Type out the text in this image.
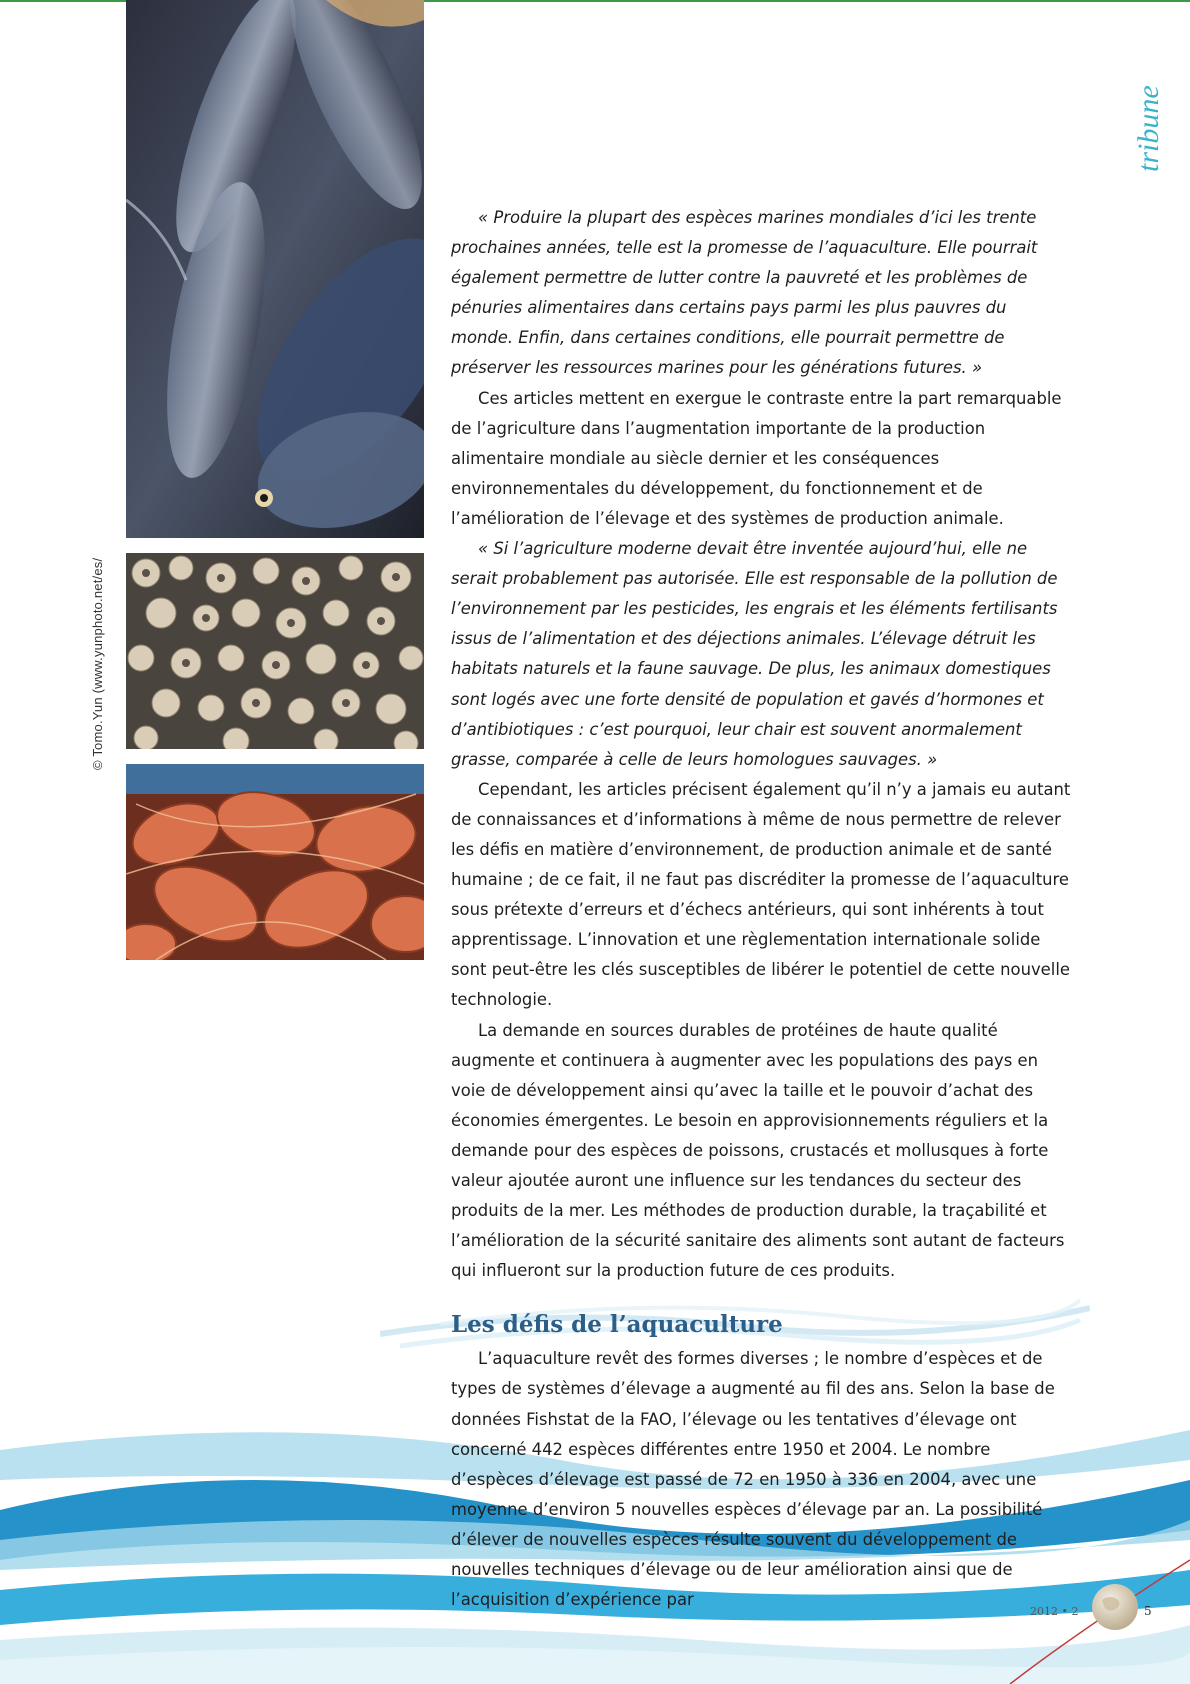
© Tomo.Yun (www.yunphoto.net/es/
tribune

« Produire la plupart des espèces marines mondiales d’ici les trente prochaines années, telle est la promesse de l’aquaculture. Elle pourrait également permettre de lutter contre la pauvreté et les problèmes de pénuries alimentaires dans certains pays parmi les plus pauvres du monde. Enfin, dans certaines conditions, elle pourrait permettre de préserver les ressources marines pour les générations futures. »

Ces articles mettent en exergue le contraste entre la part remarquable de l’agriculture dans l’augmentation importante de la production alimentaire mondiale au siècle dernier et les conséquences environnementales du développement, du fonctionnement et de l’amélioration de l’élevage et des systèmes de production animale.

« Si l’agriculture moderne devait être inventée aujourd’hui, elle ne serait probablement pas autorisée. Elle est responsable de la pollution de l’environnement par les pesticides, les engrais et les éléments fertilisants issus de l’alimentation et des déjections animales. L’élevage détruit les habitats naturels et la faune sauvage. De plus, les animaux domestiques sont logés avec une forte densité de population et gavés d’hormones et d’antibiotiques : c’est pourquoi, leur chair est souvent anormalement grasse, comparée à celle de leurs homologues sauvages. »

Cependant, les articles précisent également qu’il n’y a jamais eu autant de connaissances et d’informations à même de nous permettre de relever les défis en matière d’environnement, de production animale et de santé humaine ; de ce fait, il ne faut pas discréditer la promesse de l’aquaculture sous prétexte d’erreurs et d’échecs antérieurs, qui sont inhérents à tout apprentissage. L’innovation et une règlementation internationale solide sont peut-être les clés susceptibles de libérer le potentiel de cette nouvelle technologie.

La demande en sources durables de protéines de haute qualité augmente et continuera à augmenter avec les populations des pays en voie de développement ainsi qu’avec la taille et le pouvoir d’achat des économies émergentes. Le besoin en approvisionnements réguliers et la demande pour des espèces de poissons, crustacés et mollusques à forte valeur ajoutée auront une influence sur les tendances du secteur des produits de la mer. Les méthodes de production durable, la traçabilité et l’amélioration de la sécurité sanitaire des aliments sont autant de facteurs qui influeront sur la production future de ces produits.

Les défis de l’aquaculture

L’aquaculture revêt des formes diverses ; le nombre d’espèces et de types de systèmes d’élevage a augmenté au fil des ans. Selon la base de données Fishstat de la FAO, l’élevage ou les tentatives d’élevage ont concerné 442 espèces différentes entre 1950 et 2004. Le nombre d’espèces d’élevage est passé de 72 en 1950 à 336 en 2004, avec une moyenne d’environ 5 nouvelles espèces d’élevage par an. La possibilité d’élever de nouvelles espèces résulte souvent du développement de nouvelles techniques d’élevage ou de leur amélioration ainsi que de l’acquisition d’expérience par

2012 • 2	5
